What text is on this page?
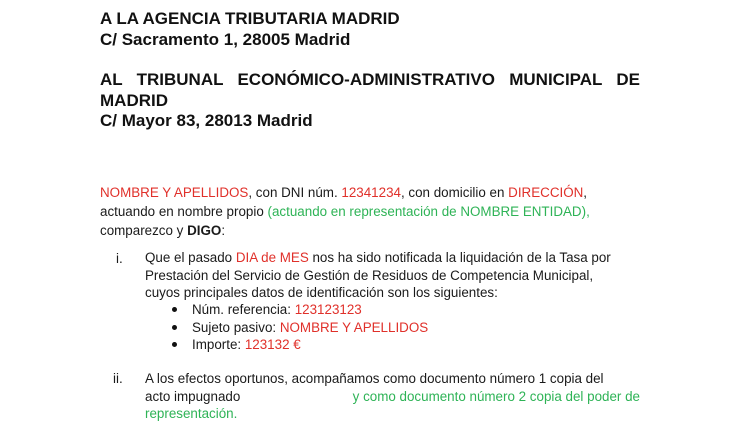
A LA AGENCIA TRIBUTARIA MADRID

C/ Sacramento 1, 28005 Madrid

AL TRIBUNAL ECONÓMICO-ADMINISTRATIVO MUNICIPAL DE MADRID

C/ Mayor 83, 28013 Madrid

NOMBRE Y APELLIDOS, con DNI núm. 12341234, con domicilio en DIRECCIÓN,
actuando en nombre propio (actuando en representación de NOMBRE ENTIDAD),
comparezco y DIGO:
i. Que el pasado DIA de MES nos ha sido notificada la liquidación de la Tasa por
Prestación del Servicio de Gestión de Residuos de Competencia Municipal,
cuyos principales datos de identificación son los siguientes:
Núm. referencia: 123123123
Sujeto pasivo: NOMBRE Y APELLIDOS
Importe: 123132 €
ii. A los efectos oportunos, acompañamos como documento número 1 copia del
acto impugnado	y como documento número 2 copia del poder de
representación.
